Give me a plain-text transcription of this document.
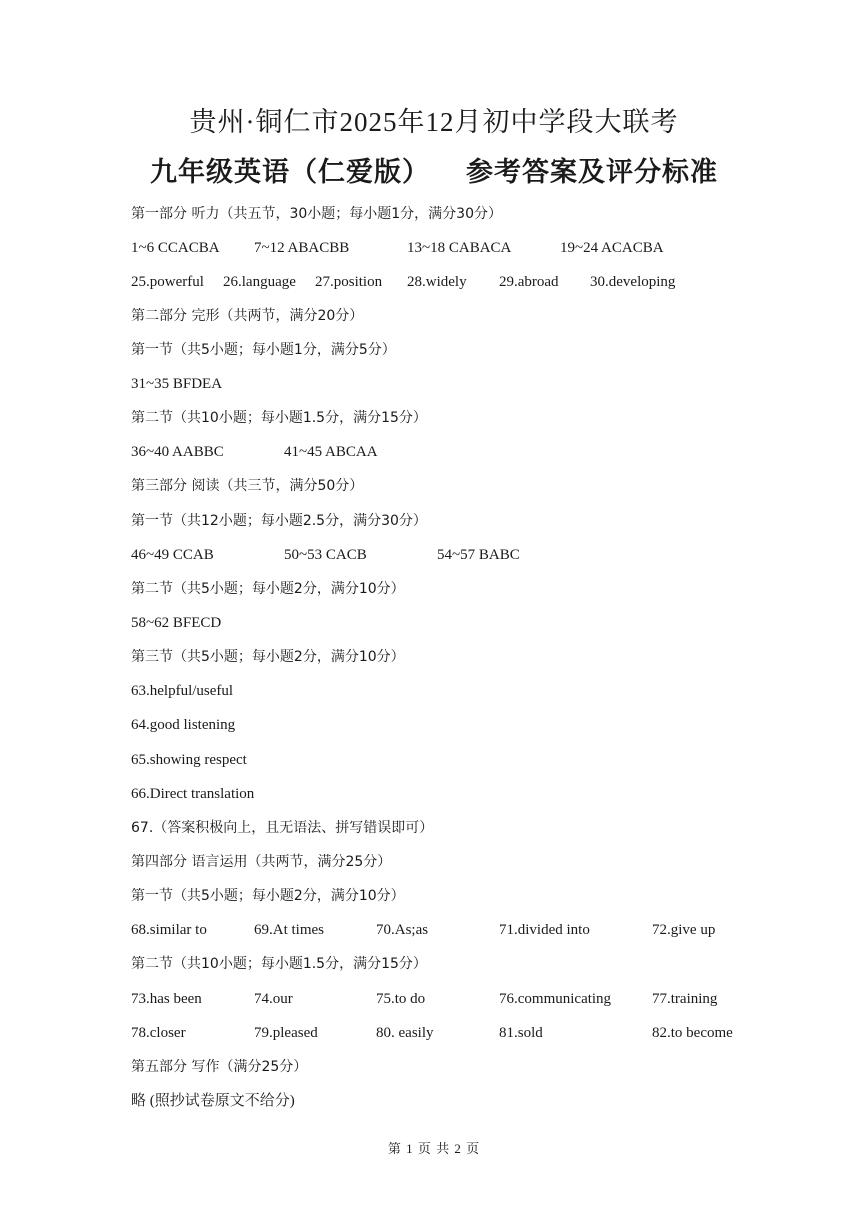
贵州·铜仁市2025年12月初中学段大联考
九年级英语（仁爱版） 参考答案及评分标准
第一部分 听力（共五节，30小题；每小题1分，满分30分）
1~6 CCACBA 7~12 ABACBB	13~18 CABACA	19~24 ACACBA
25.powerful 26.language 27.position 28.widely 29.abroad 30.developing
第二部分 完形（共两节，满分20分）
第一节（共5小题；每小题1分，满分5分）
31~35 BFDEA
第二节（共10小题；每小题1.5分，满分15分）
36~40 AABBC	41~45 ABCAA
第三部分 阅读（共三节，满分50分）
第一节（共12小题；每小题2.5分，满分30分）
46~49 CCAB	50~53 CACB	54~57 BABC
第二节（共5小题；每小题2分，满分10分）
58~62 BFECD
第三节（共5小题；每小题2分，满分10分）
63.helpful/useful
64.good listening
65.showing respect
66.Direct translation
67.（答案积极向上，且无语法、拼写错误即可）
第四部分 语言运用（共两节，满分25分）
第一节（共5小题；每小题2分，满分10分）
68.similar to	69.At times	70.As;as	71.divided into	72.give up
第二节（共10小题；每小题1.5分，满分15分）
73.has been	74.our	75.to do	76.communicating	77.training
78.closer	79.pleased	80. easily	81.sold	82.to become
第五部分 写作（满分25分）
略 (照抄试卷原文不给分)
第 1 页 共 2 页
